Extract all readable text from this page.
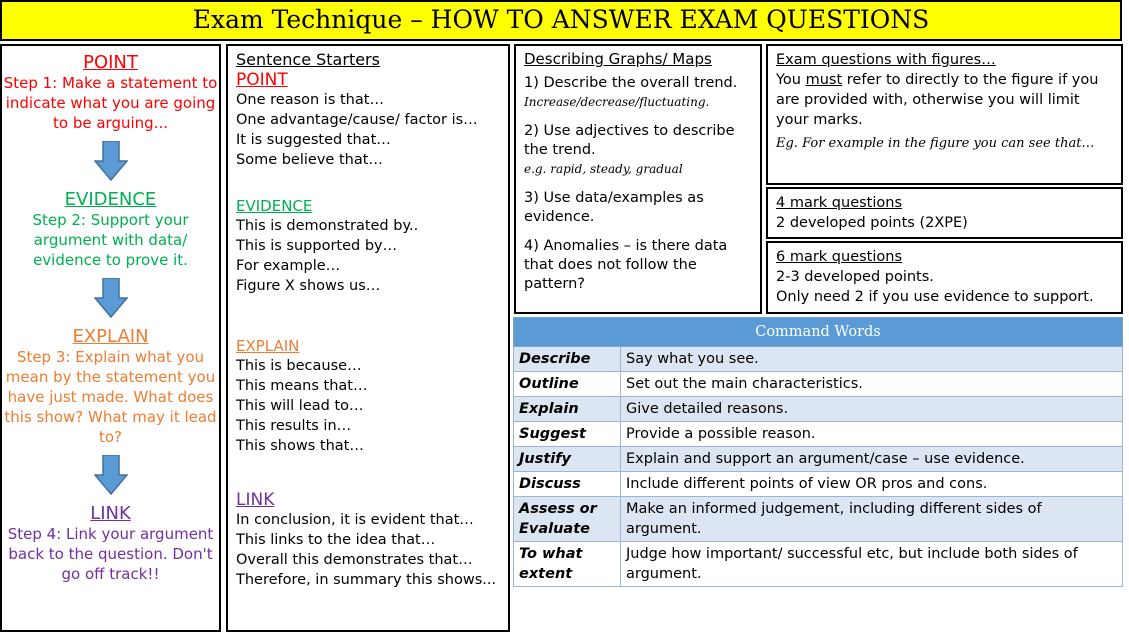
Exam Technique – HOW TO ANSWER EXAM QUESTIONS
POINT
Step 1: Make a statement to indicate what you are going to be arguing...
EVIDENCE
Step 2: Support your argument with data/ evidence to prove it.
EXPLAIN
Step 3: Explain what you mean by the statement you have just made. What does this show? What may it lead to?
LINK
Step 4: Link your argument back to the question. Don't go off track!!
Sentence Starters
POINT
One reason is that…
One advantage/cause/ factor is…
It is suggested that…
Some believe that…
EVIDENCE
This is demonstrated by..
This is supported by…
For example…
Figure X shows us…
EXPLAIN
This is because…
This means that…
This will lead to…
This results in…
This shows that…
LINK
In conclusion, it is evident that…
This links to the idea that…
Overall this demonstrates that…
Therefore, in summary this shows...
Describing Graphs/ Maps
1) Describe the overall trend.
Increase/decrease/fluctuating.
2) Use adjectives to describe the trend.
e.g. rapid, steady, gradual
3) Use data/examples as evidence.
4) Anomalies – is there data that does not follow the pattern?
Exam questions with figures…
You must refer to directly to the figure if you are provided with, otherwise you will limit your marks.
Eg. For example in the figure you can see that…
4 mark questions
2 developed points (2XPE)
6 mark questions
2-3 developed points.
Only need 2 if you use evidence to support.
Command Words	
Describe	Say what you see.
Outline	Set out the main characteristics.
Explain	Give detailed reasons.
Suggest	Provide a possible reason.
Justify	Explain and support an argument/case – use evidence.
Discuss	Include different points of view OR pros and cons.
Assess or Evaluate	Make an informed judgement, including different sides of argument.
To what extent	Judge how important/ successful etc, but include both sides of argument.
